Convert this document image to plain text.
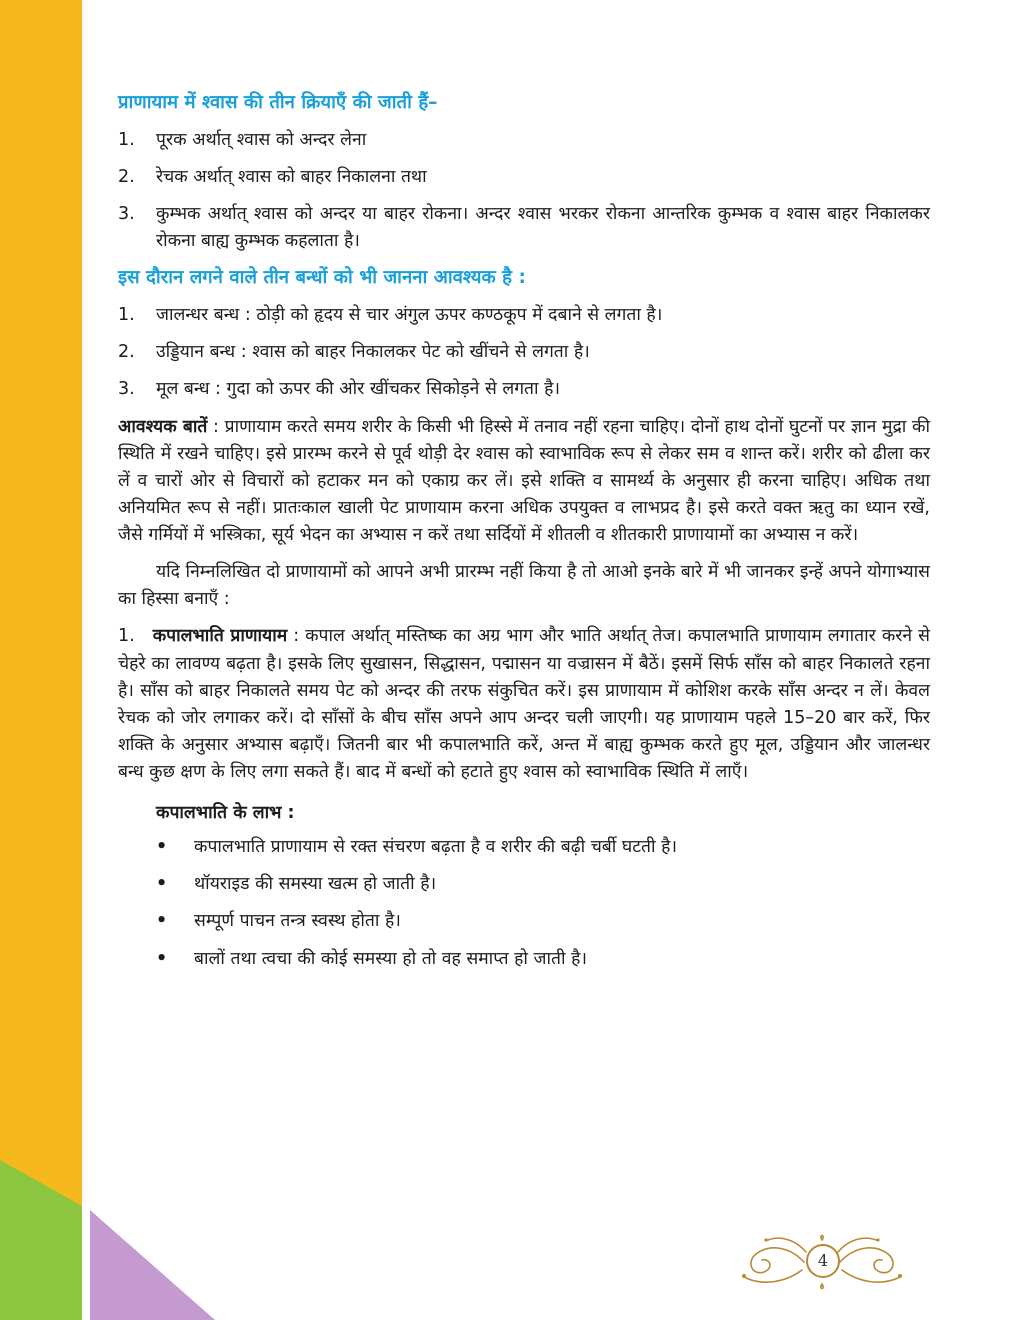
प्राणायाम में श्वास की तीन क्रियाएँ की जाती हैं–
1.	पूरक अर्थात् श्वास को अन्दर लेना
2.	रेचक अर्थात् श्वास को बाहर निकालना तथा
3.	कुम्भक अर्थात् श्वास को अन्दर या बाहर रोकना। अन्दर श्वास भरकर रोकना आन्तरिक कुम्भक व श्वास बाहर निकालकर रोकना बाह्य कुम्भक कहलाता है।
इस दौरान लगने वाले तीन बन्धों को भी जानना आवश्यक है :
1.	जालन्धर बन्ध : ठोड़ी को हृदय से चार अंगुल ऊपर कण्ठकूप में दबाने से लगता है।
2.	उड्डियान बन्ध : श्वास को बाहर निकालकर पेट को खींचने से लगता है।
3.	मूल बन्ध : गुदा को ऊपर की ओर खींचकर सिकोड़ने से लगता है।

आवश्यक बातें : प्राणायाम करते समय शरीर के किसी भी हिस्से में तनाव नहीं रहना चाहिए। दोनों हाथ दोनों घुटनों पर ज्ञान मुद्रा की स्थिति में रखने चाहिए। इसे प्रारम्भ करने से पूर्व थोड़ी देर श्वास को स्वाभाविक रूप से लेकर सम व शान्त करें। शरीर को ढीला कर लें व चारों ओर से विचारों को हटाकर मन को एकाग्र कर लें। इसे शक्ति व सामर्थ्य के अनुसार ही करना चाहिए। अधिक तथा अनियमित रूप से नहीं। प्रातःकाल खाली पेट प्राणायाम करना अधिक उपयुक्त व लाभप्रद है। इसे करते वक्त ऋतु का ध्यान रखें, जैसे गर्मियों में भस्त्रिका, सूर्य भेदन का अभ्यास न करें तथा सर्दियों में शीतली व शीतकारी प्राणायामों का अभ्यास न करें।

यदि निम्नलिखित दो प्राणायामों को आपने अभी प्रारम्भ नहीं किया है तो आओ इनके बारे में भी जानकर इन्हें अपने योगाभ्यास का हिस्सा बनाएँ :

1. कपालभाति प्राणायाम : कपाल अर्थात् मस्तिष्क का अग्र भाग और भाति अर्थात् तेज। कपालभाति प्राणायाम लगातार करने से चेहरे का लावण्य बढ़ता है। इसके लिए सुखासन, सिद्धासन, पद्मासन या वज्रासन में बैठें। इसमें सिर्फ साँस को बाहर निकालते रहना है। साँस को बाहर निकालते समय पेट को अन्दर की तरफ संकुचित करें। इस प्राणायाम में कोशिश करके साँस अन्दर न लें। केवल रेचक को जोर लगाकर करें। दो साँसों के बीच साँस अपने आप अन्दर चली जाएगी। यह प्राणायाम पहले 15–20 बार करें, फिर शक्ति के अनुसार अभ्यास बढ़ाएँ। जितनी बार भी कपालभाति करें, अन्त में बाह्य कुम्भक करते हुए मूल, उड्डियान और जालन्धर बन्ध कुछ क्षण के लिए लगा सकते हैं। बाद में बन्धों को हटाते हुए श्वास को स्वाभाविक स्थिति में लाएँ।

कपालभाति के लाभ :
•	कपालभाति प्राणायाम से रक्त संचरण बढ़ता है व शरीर की बढ़ी चर्बी घटती है।
•	थॉयराइड की समस्या खत्म हो जाती है।
•	सम्पूर्ण पाचन तन्त्र स्वस्थ होता है।
•	बालों तथा त्वचा की कोई समस्या हो तो वह समाप्त हो जाती है।
4
